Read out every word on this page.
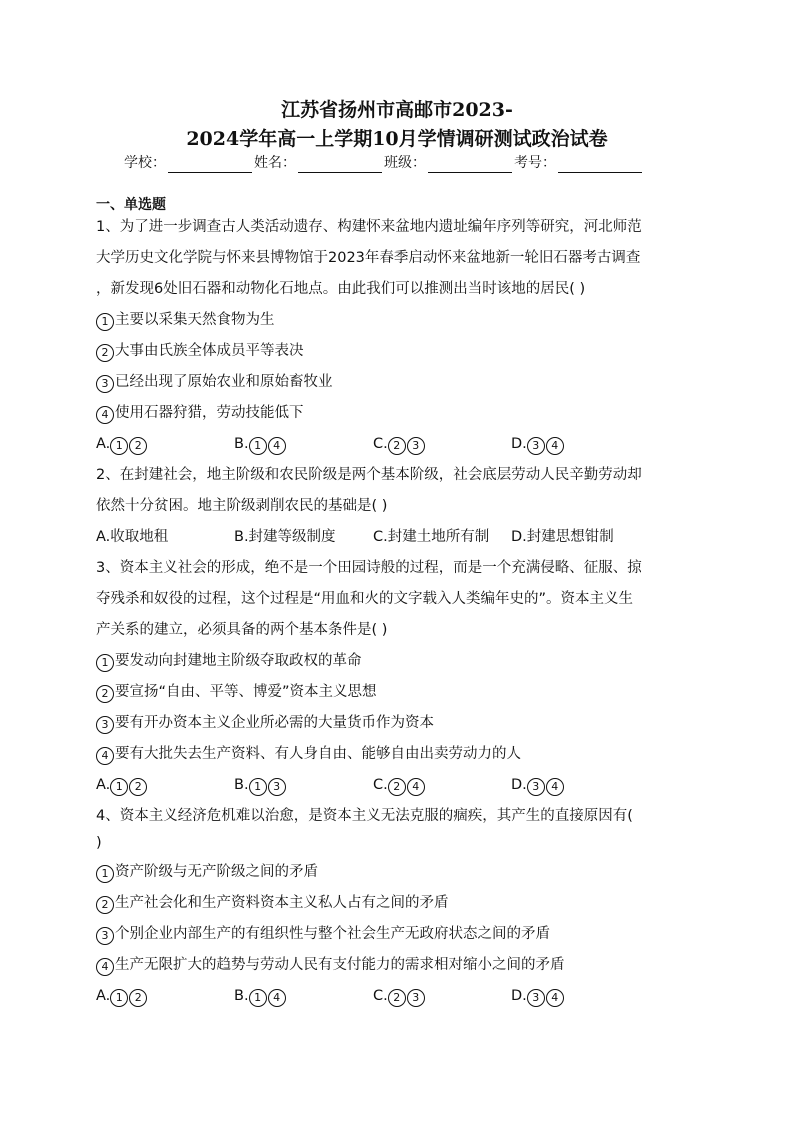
江苏省扬州市高邮市2023-
2024学年高一上学期10月学情调研测试政治试卷
学校：	姓名：	班级：	考号：
一、单选题
1、为了进一步调查古人类活动遗存、构建怀来盆地内遗址编年序列等研究，河北师范
大学历史文化学院与怀来县博物馆于2023年春季启动怀来盆地新一轮旧石器考古调查
，新发现6处旧石器和动物化石地点。由此我们可以推测出当时该地的居民( )
1 主要以采集天然食物为生
2 大事由氏族全体成员平等表决
3 已经出现了原始农业和原始畜牧业
4 使用石器狩猎，劳动技能低下
A. 1 2	B. 1 4	C. 2 3	D. 3 4
2、在封建社会，地主阶级和农民阶级是两个基本阶级，社会底层劳动人民辛勤劳动却
依然十分贫困。地主阶级剥削农民的基础是( )
A.收取地租	B.封建等级制度	C.封建土地所有制 D.封建思想钳制
3、资本主义社会的形成，绝不是一个田园诗般的过程，而是一个充满侵略、征服、掠
夺残杀和奴役的过程，这个过程是“用血和火的文字载入人类编年史的”。资本主义生
产关系的建立，必须具备的两个基本条件是( )
1 要发动向封建地主阶级夺取政权的革命
2 要宣扬“自由、平等、博爱”资本主义思想
3 要有开办资本主义企业所必需的大量货币作为资本
4 要有大批失去生产资料、有人身自由、能够自由出卖劳动力的人
A. 1 2	B. 1 3	C. 2 4	D. 3 4
4、资本主义经济危机难以治愈，是资本主义无法克服的痼疾，其产生的直接原因有(
)
1 资产阶级与无产阶级之间的矛盾
2 生产社会化和生产资料资本主义私人占有之间的矛盾
3 个别企业内部生产的有组织性与整个社会生产无政府状态之间的矛盾
4 生产无限扩大的趋势与劳动人民有支付能力的需求相对缩小之间的矛盾
A. 1 2	B. 1 4	C. 2 3	D. 3 4
